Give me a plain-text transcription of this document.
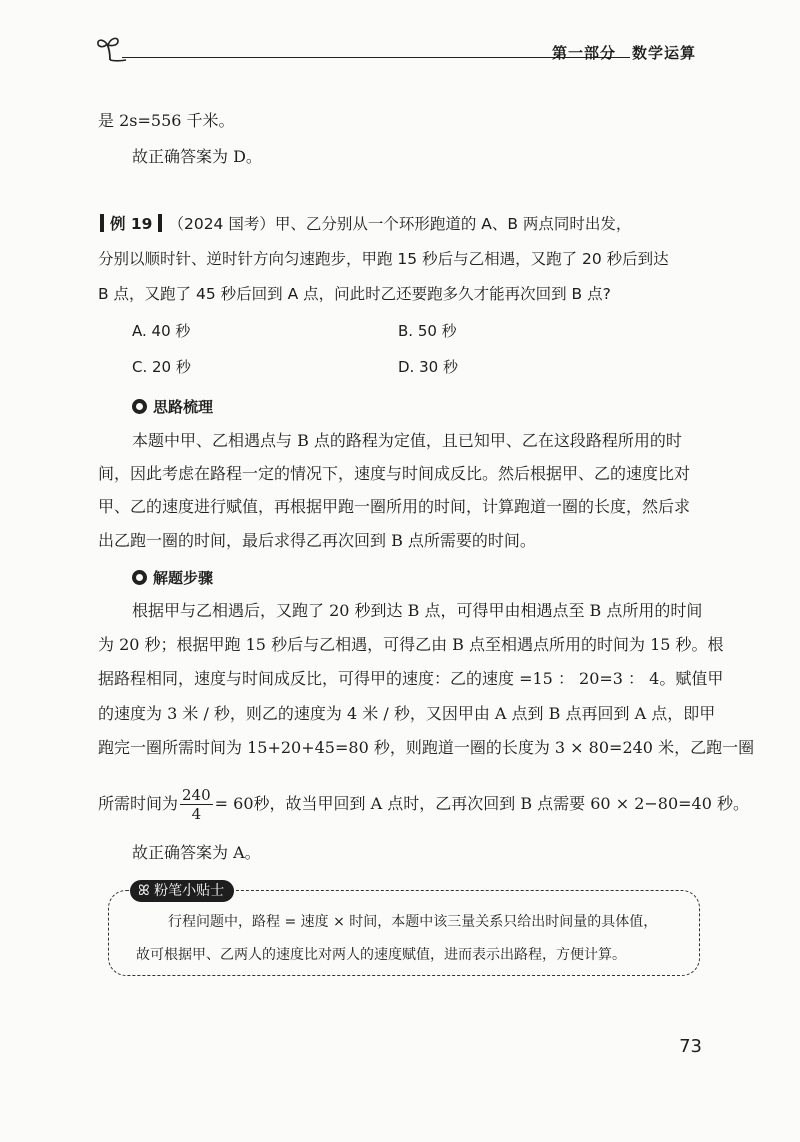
第一部分　数学运算
是 2s=556 千米。
故正确答案为 D。
例 19 （2024 国考）甲、乙分别从一个环形跑道的 A、B 两点同时出发，
分别以顺时针、逆时针方向匀速跑步，甲跑 15 秒后与乙相遇，又跑了 20 秒后到达
B 点，又跑了 45 秒后回到 A 点，问此时乙还要跑多久才能再次回到 B 点?
A. 40 秒	B. 50 秒
C. 20 秒	D. 30 秒
思路梳理
本题中甲、乙相遇点与 B 点的路程为定值，且已知甲、乙在这段路程所用的时
间，因此考虑在路程一定的情况下，速度与时间成反比。然后根据甲、乙的速度比对
甲、乙的速度进行赋值，再根据甲跑一圈所用的时间，计算跑道一圈的长度，然后求
出乙跑一圈的时间，最后求得乙再次回到 B 点所需要的时间。
解题步骤
根据甲与乙相遇后，又跑了 20 秒到达 B 点，可得甲由相遇点至 B 点所用的时间
为 20 秒；根据甲跑 15 秒后与乙相遇，可得乙由 B 点至相遇点所用的时间为 15 秒。根
据路程相同，速度与时间成反比，可得甲的速度：乙的速度 =15 ： 20=3 ： 4。赋值甲
的速度为 3 米 / 秒，则乙的速度为 4 米 / 秒，又因甲由 A 点到 B 点再回到 A 点，即甲
跑完一圈所需时间为 15+20+45=80 秒，则跑道一圈的长度为 3 × 80=240 米，乙跑一圈
所需时间为 $\frac{240}{4} = 60$秒，故当甲回到 A 点时，乙再次回到 B 点需要 60 × 2−80=40 秒。
故正确答案为 A。
ꕤ 粉笔小贴士
行程问题中，路程 = 速度 × 时间，本题中该三量关系只给出时间量的具体值，
故可根据甲、乙两人的速度比对两人的速度赋值，进而表示出路程，方便计算。
73
